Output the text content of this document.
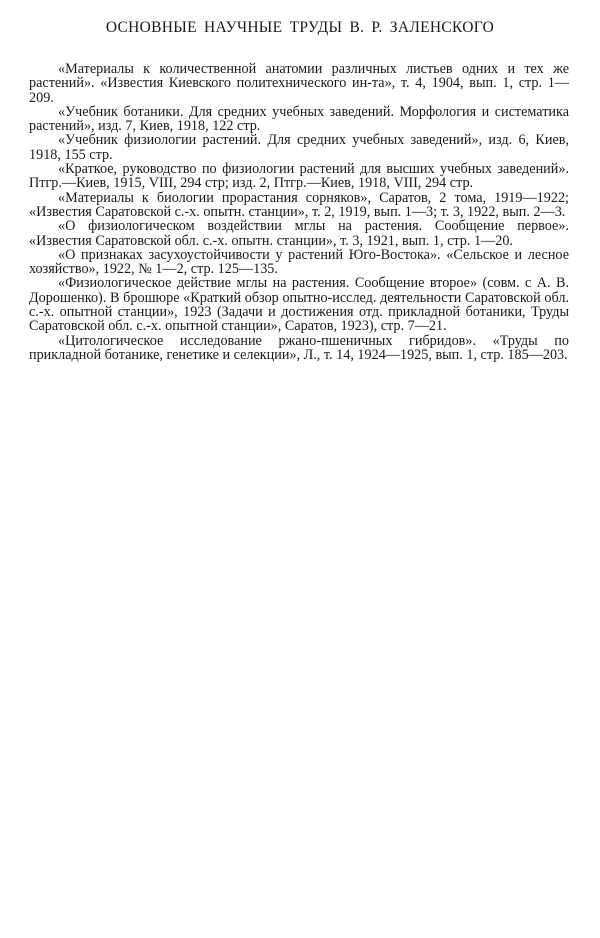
ОСНОВНЫЕ НАУЧНЫЕ ТРУДЫ В. Р. ЗАЛЕНСКОГО

«Материалы к количественной анатомии различных листьев одних и тех же растений». «Известия Киевского политехнического ин-та», т. 4, 1904, вып. 1, стр. 1—209.

«Учебник ботаники. Для средних учебных заведений. Морфология и систематика растений», изд. 7, Киев, 1918, 122 стр.

«Учебник физиологии растений. Для средних учебных заведений», изд. 6, Киев, 1918, 155 стр.

«Краткое, руководство по физиологии растений для высших учебных заведений». Птгр.—Киев, 1915, VIII, 294 стр; изд. 2, Птгр.—Киев, 1918, VIII, 294 стр.

«Материалы к биологии прорастания сорняков», Саратов, 2 тома, 1919—1922; «Известия Саратовской с.-х. опытн. станции», т. 2, 1919, вып. 1—3; т. 3, 1922, вып. 2—3.

«О физиологическом воздействии мглы на растения. Сообщение первое». «Известия Саратовской обл. с.-х. опытн. станции», т. 3, 1921, вып. 1, стр. 1—20.

«О признаках засухоустойчивости у растений Юго-Востока». «Сельское и лесное хозяйство», 1922, № 1—2, стр. 125—135.

«Физиологическое действие мглы на растения. Сообщение второе» (совм. с А. В. Дорошенко). В брошюре «Краткий обзор опытно-исслед. деятельности Саратовской обл. с.-х. опытной станции», 1923 (Задачи и достижения отд. прикладной ботаники, Труды Саратовской обл. с.-х. опытной станции», Саратов, 1923), стр. 7—21.

«Цитологическое исследование ржано-пшеничных гибридов». «Труды по прикладной ботанике, генетике и селекции», Л., т. 14, 1924—1925, вып. 1, стр. 185—203.
